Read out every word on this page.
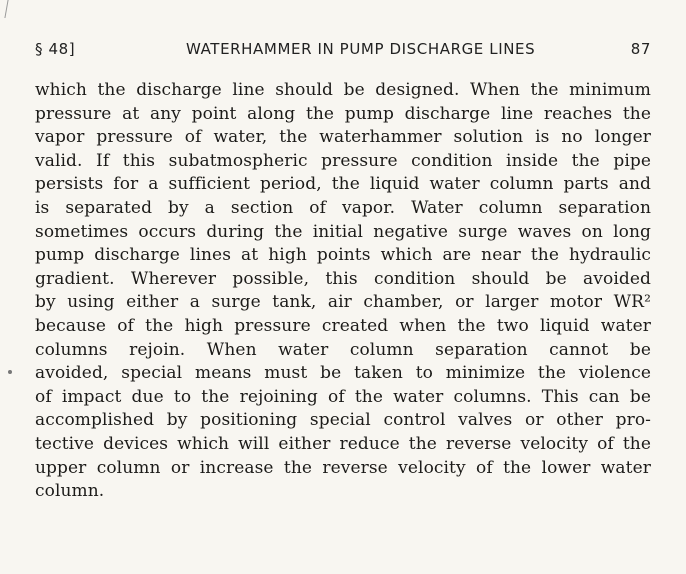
§ 48]	WATERHAMMER IN PUMP DISCHARGE LINES	87
which the discharge line should be designed. When the minimum
pressure at any point along the pump discharge line reaches the
vapor pressure of water, the waterhammer solution is no longer
valid. If this subatmospheric pressure condition inside the pipe
persists for a sufficient period, the liquid water column parts and
is separated by a section of vapor. Water column separation
sometimes occurs during the initial negative surge waves on long
pump discharge lines at high points which are near the hydraulic
gradient. Wherever possible, this condition should be avoided
by using either a surge tank, air chamber, or larger motor WR²
because of the high pressure created when the two liquid water
columns rejoin. When water column separation cannot be
avoided, special means must be taken to minimize the violence
of impact due to the rejoining of the water columns. This can be
accomplished by positioning special control valves or other pro-
tective devices which will either reduce the reverse velocity of the
upper column or increase the reverse velocity of the lower water
column.
